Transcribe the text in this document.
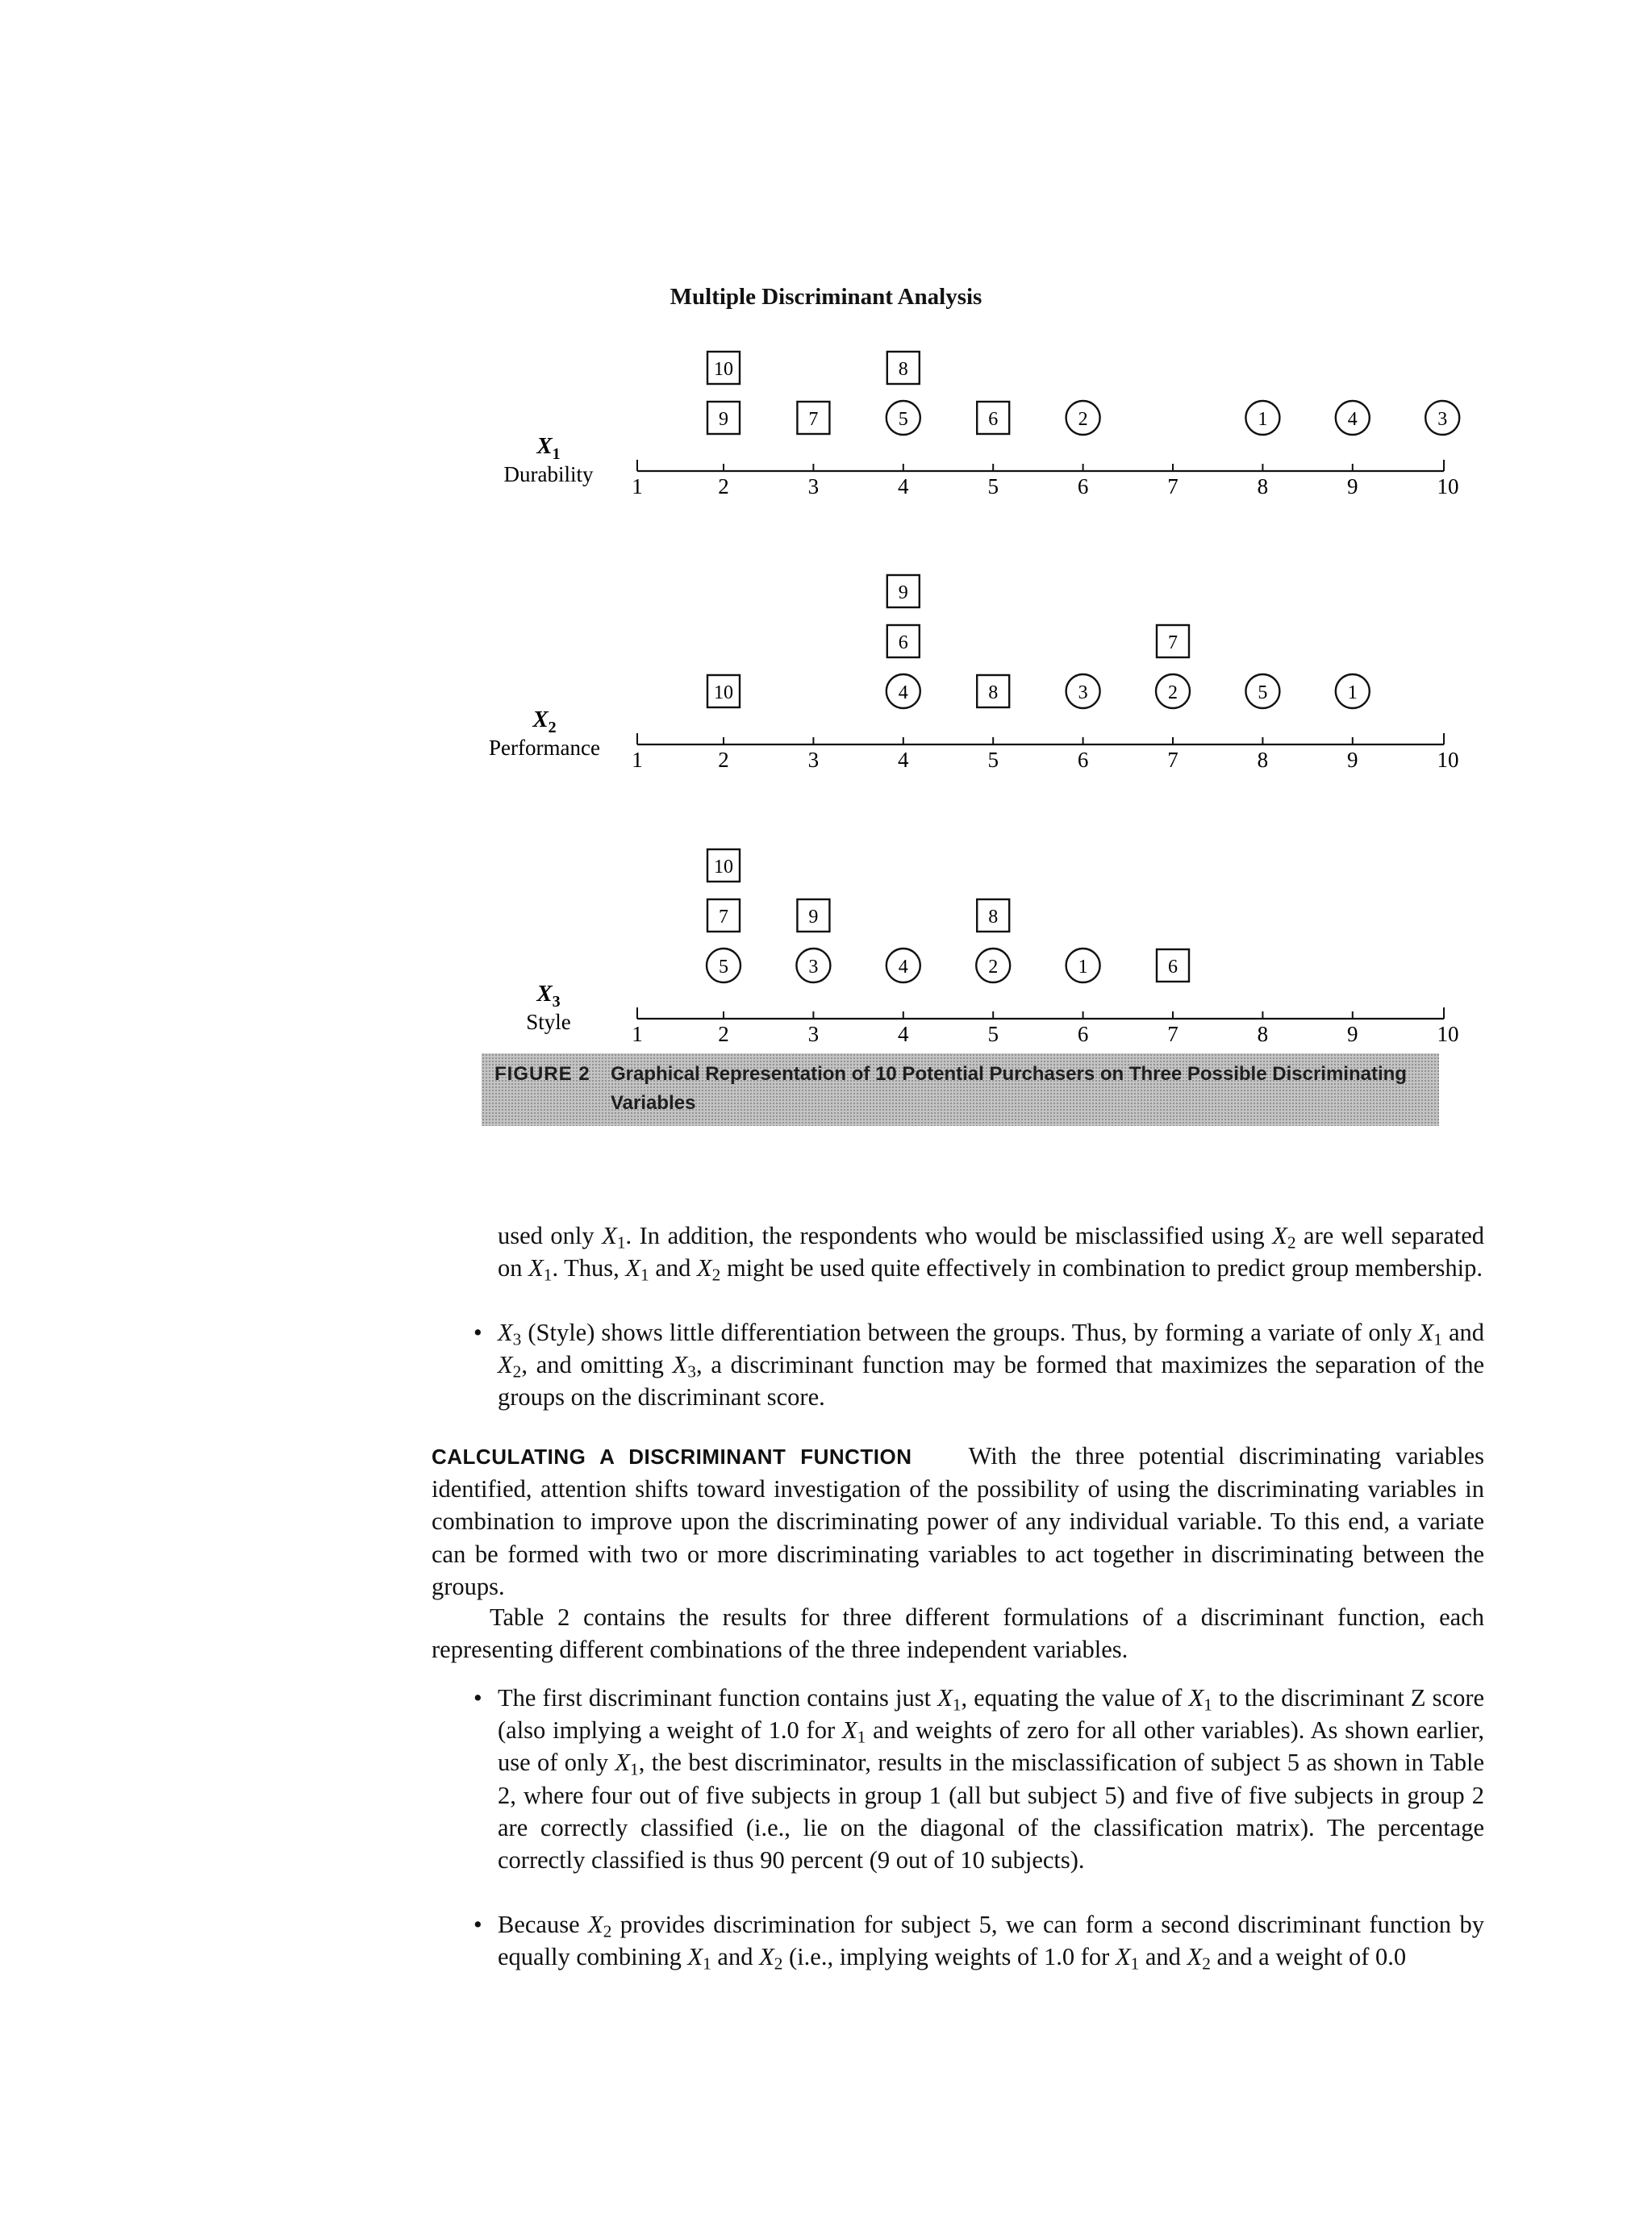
Multiple Discriminant Analysis
1	2	3	4	5	6	7	8	9	10
$X_1$
Durability
1
2	3
4
5	6
7
8
9
10
1	2	3	4	5	6	7	8	9	10
$X_2$
Performance
1
2
3
4	5
6	7
8
9
10
1	2	3	4	5	6	7	8	9	10
$X_3$
Style
1
2
3	4
5	6
7	8
9
10
FIGURE 2 Graphical Representation of 10 Potential Purchasers on Three Possible Discriminating Variables

used only $X_1$. In addition, the respondents who would be misclassified using $X_2$ are well separated on $X_1$. Thus, $X_1$ and $X_2$ might be used quite effectively in combination to predict group membership.

• $X_3$ (Style) shows little differentiation between the groups. Thus, by forming a variate of only $X_1$ and $X_2$, and omitting $X_3$, a discriminant function may be formed that maximizes the separation of the groups on the discriminant score.

CALCULATING A DISCRIMINANT FUNCTION With the three potential discriminating variables identified, attention shifts toward investigation of the possibility of using the discriminating variables in combination to improve upon the discriminating power of any individual variable. To this end, a variate can be formed with two or more discriminating variables to act together in discriminating between the groups.

Table 2 contains the results for three different formulations of a discriminant function, each representing different combinations of the three independent variables.

• The first discriminant function contains just $X_1$, equating the value of $X_1$ to the discriminant Z score (also implying a weight of 1.0 for $X_1$ and weights of zero for all other variables). As shown earlier, use of only $X_1$, the best discriminator, results in the misclassification of subject 5 as shown in Table 2, where four out of five subjects in group 1 (all but subject 5) and five of five subjects in group 2 are correctly classified (i.e., lie on the diagonal of the classification matrix). The percentage correctly classified is thus 90 percent (9 out of 10 subjects).

• Because $X_2$ provides discrimination for subject 5, we can form a second discriminant function by equally combining $X_1$ and $X_2$ (i.e., implying weights of 1.0 for $X_1$ and $X_2$ and a weight of 0.0
